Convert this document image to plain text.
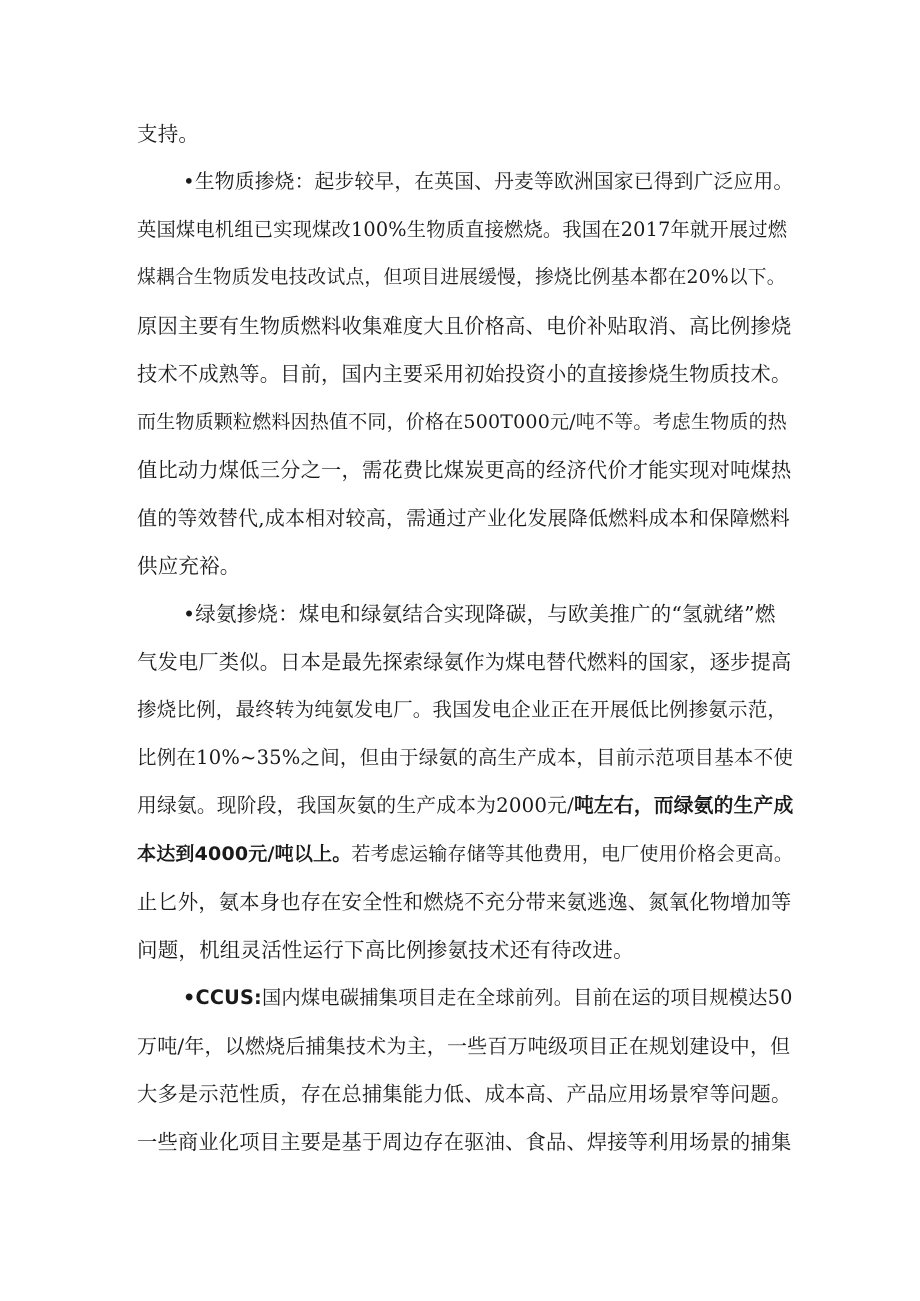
支持。
•生物质掺烧：起步较早，在英国、丹麦等欧洲国家已得到广泛应用。
英国煤电机组已实现煤改100%生物质直接燃烧。我国在2017年就开展过燃
煤耦合生物质发电技改试点，但项目进展缓慢，掺烧比例基本都在20%以下。
原因主要有生物质燃料收集难度大且价格高、电价补贴取消、高比例掺烧
技术不成熟等。目前，国内主要采用初始投资小的直接掺烧生物质技术。
而生物质颗粒燃料因热值不同，价格在500T000元/吨不等。考虑生物质的热
值比动力煤低三分之一，需花费比煤炭更高的经济代价才能实现对吨煤热
值的等效替代,成本相对较高，需通过产业化发展降低燃料成本和保障燃料
供应充裕。
•绿氨掺烧：煤电和绿氨结合实现降碳，与欧美推广的“氢就绪”燃
气发电厂类似。日本是最先探索绿氨作为煤电替代燃料的国家，逐步提高
掺烧比例，最终转为纯氨发电厂。我国发电企业正在开展低比例掺氨示范，
比例在10%~35%之间，但由于绿氨的高生产成本，目前示范项目基本不使
用绿氨。现阶段，我国灰氨的生产成本为2000元/吨左右，而绿氨的生产成
本达到4000元/吨以上。若考虑运输存储等其他费用，电厂使用价格会更高。
止匕外，氨本身也存在安全性和燃烧不充分带来氨逃逸、氮氧化物增加等
问题，机组灵活性运行下高比例掺氨技术还有待改进。
•CCUS:国内煤电碳捕集项目走在全球前列。目前在运的项目规模达50
万吨/年，以燃烧后捕集技术为主，一些百万吨级项目正在规划建设中，但
大多是示范性质，存在总捕集能力低、成本高、产品应用场景窄等问题。
一些商业化项目主要是基于周边存在驱油、食品、焊接等利用场景的捕集
